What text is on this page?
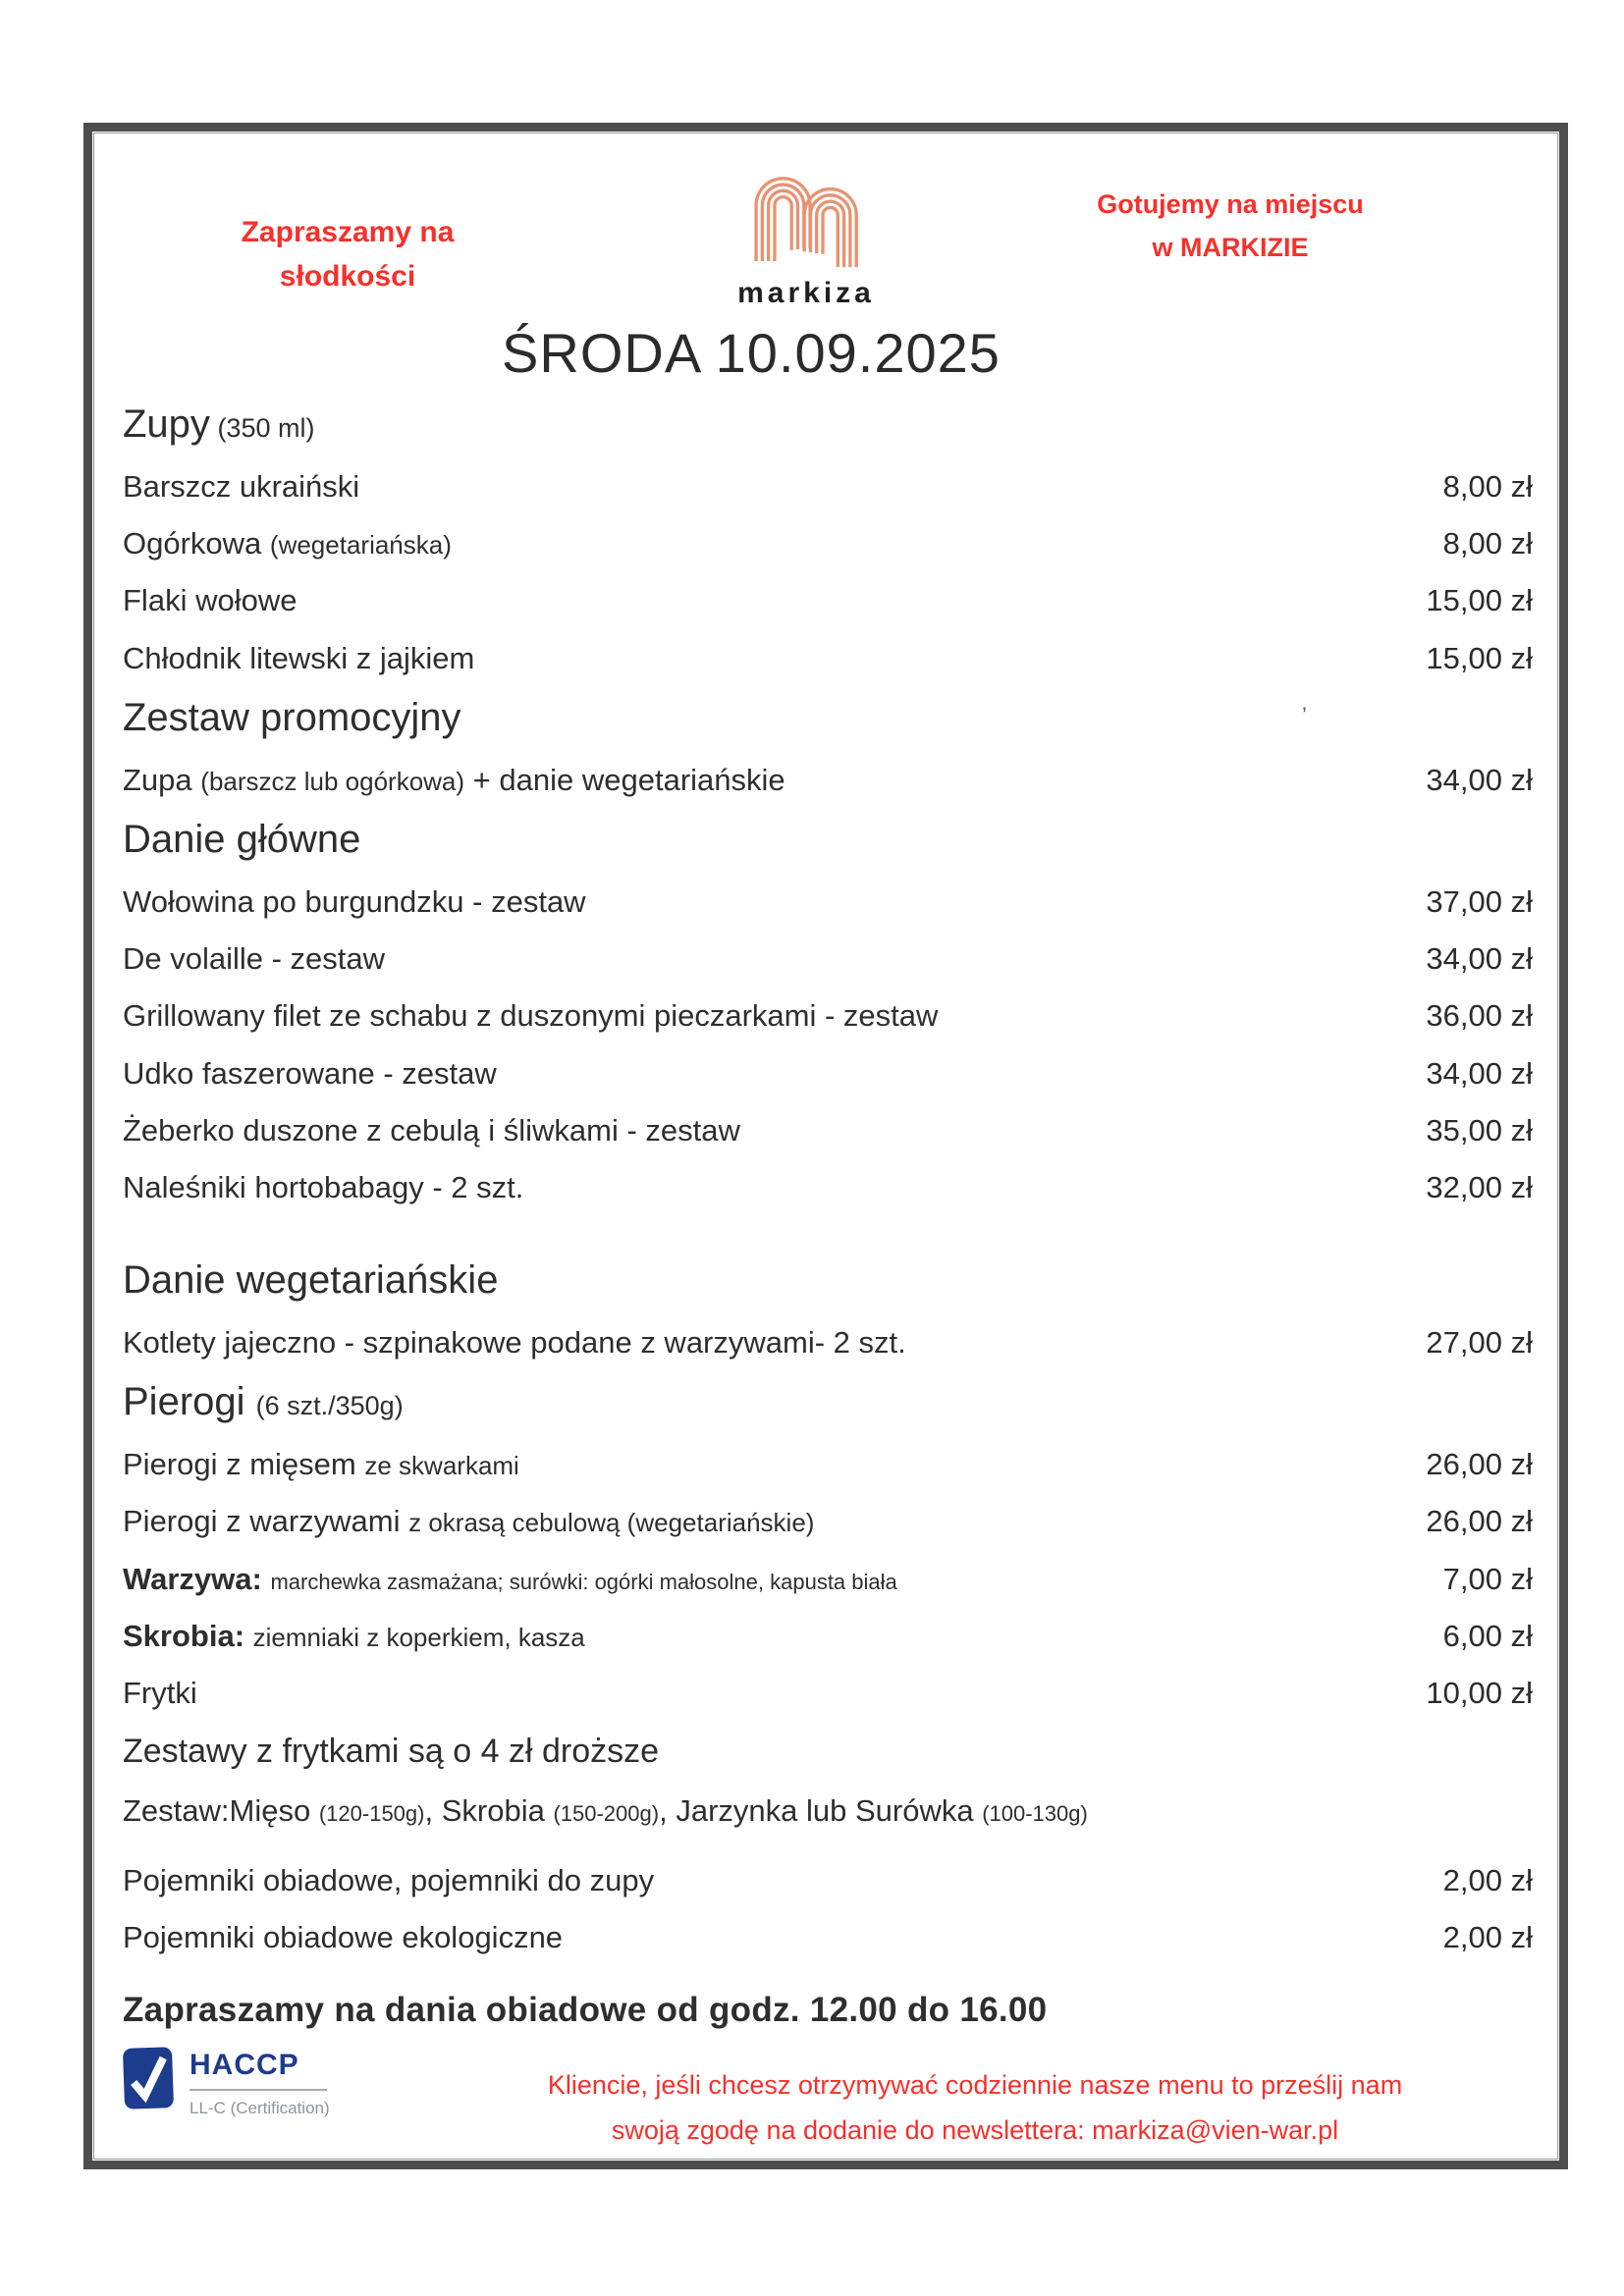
Zapraszamy na
słodkości
markiza
Gotujemy na miejscu
w MARKIZIE
ŚRODA 10.09.2025
Zupy (350 ml)
Barszcz ukraiński	8,00 zł
Ogórkowa (wegetariańska)	8,00 zł
Flaki wołowe	15,00 zł
Chłodnik litewski z jajkiem	15,00 zł
Zestaw promocyjny
Zupa (barszcz lub ogórkowa) + danie wegetariańskie	34,00 zł
Danie główne
Wołowina po burgundzku - zestaw	37,00 zł
De volaille - zestaw	34,00 zł
Grillowany filet ze schabu z duszonymi pieczarkami - zestaw	36,00 zł
Udko faszerowane - zestaw	34,00 zł
Żeberko duszone z cebulą i śliwkami - zestaw	35,00 zł
Naleśniki hortobabagy - 2 szt.	32,00 zł
Danie wegetariańskie
Kotlety jajeczno - szpinakowe podane z warzywami- 2 szt.	27,00 zł
Pierogi (6 szt./350g)
Pierogi z mięsem ze skwarkami	26,00 zł
Pierogi z warzywami z okrasą cebulową (wegetariańskie)	26,00 zł
Warzywa: marchewka zasmażana; surówki: ogórki małosolne, kapusta biała	7,00 zł
Skrobia: ziemniaki z koperkiem, kasza	6,00 zł
Frytki	10,00 zł
Zestawy z frytkami są o 4 zł droższe
Zestaw:Mięso (120-150g), Skrobia (150-200g), Jarzynka lub Surówka (100-130g)
Pojemniki obiadowe, pojemniki do zupy	2,00 zł
Pojemniki obiadowe ekologiczne	2,00 zł
Zapraszamy na dania obiadowe od godz. 12.00 do 16.00
’
HACCP
LL-C (Certification)
Kliencie, jeśli chcesz otrzymywać codziennie nasze menu to prześlij nam
swoją zgodę na dodanie do newslettera: markiza@vien-war.pl
